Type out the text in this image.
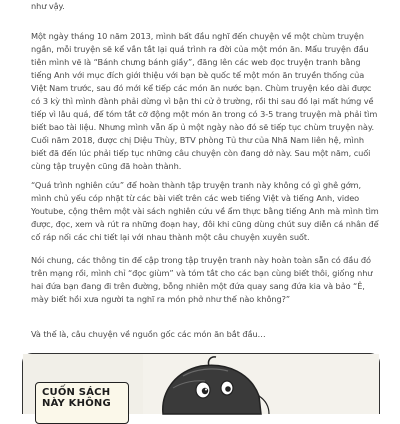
như vậy.

Một ngày tháng 10 năm 2013, mình bất đầu nghĩ đến chuyện về một chùm truyện ngắn, mỗi truyện sẽ kể vắn tắt lại quá trình ra đời của một món ăn. Mẩu truyện đầu tiên mình vẽ là “Bánh chưng bánh giầy”, đăng lên các web đọc truyện tranh bằng tiếng Anh với mục đích giới thiệu với bạn bè quốc tế một món ăn truyền thống của Việt Nam trước, sau đó mới kể tiếp các món ăn nước bạn. Chùm truyện kéo dài được có 3 kỳ thì mình đành phải dừng vì bận thi cử ở trường, rồi thi sau đó lại mất hứng về tiếp vì lâu quá, để tóm tắt cỡ động một món ăn trong có 3-5 trang truyện mà phải tìm biết bao tài liệu. Nhưng mình vẫn ấp ủ một ngày nào đó sẽ tiếp tục chùm truyện này. Cuối năm 2018, được chị Diệu Thùy, BTV phòng Tủ thư của Nhã Nam liên hệ, mình biết đã đến lúc phải tiếp tục những câu chuyện còn đang dở này. Sau một năm, cuối cùng tập truyện cũng đã hoàn thành.

“Quá trình nghiên cứu” để hoàn thành tập truyện tranh này không có gì ghê gớm, mình chủ yếu cóp nhặt từ các bài viết trên các web tiếng Việt và tiếng Anh, video Youtube, cộng thêm một vài sách nghiên cứu về ẩm thực bằng tiếng Anh mà mình tìm được, đọc, xem và rút ra những đoạn hay, đôi khi cũng dùng chút suy diễn cá nhân để cố ráp nối các chi tiết lại với nhau thành một câu chuyện xuyên suốt.

Nói chung, các thông tin để cập trong tập truyện tranh này hoàn toàn sẵn có đầu đó trên mạng rồi, mình chỉ “đọc giùm” và tóm tắt cho các bạn cùng biết thôi, giống như hai đứa bạn đang đi trên đường, bỗng nhiên một đứa quay sang đứa kia và bảo “Ê, mày biết hồi xưa người ta nghĩ ra món phở như thế nào không?”

Và thế là, câu chuyện về nguồn gốc các món ăn bắt đầu…

CUỐN SÁCH
NÀY KHÔNG
